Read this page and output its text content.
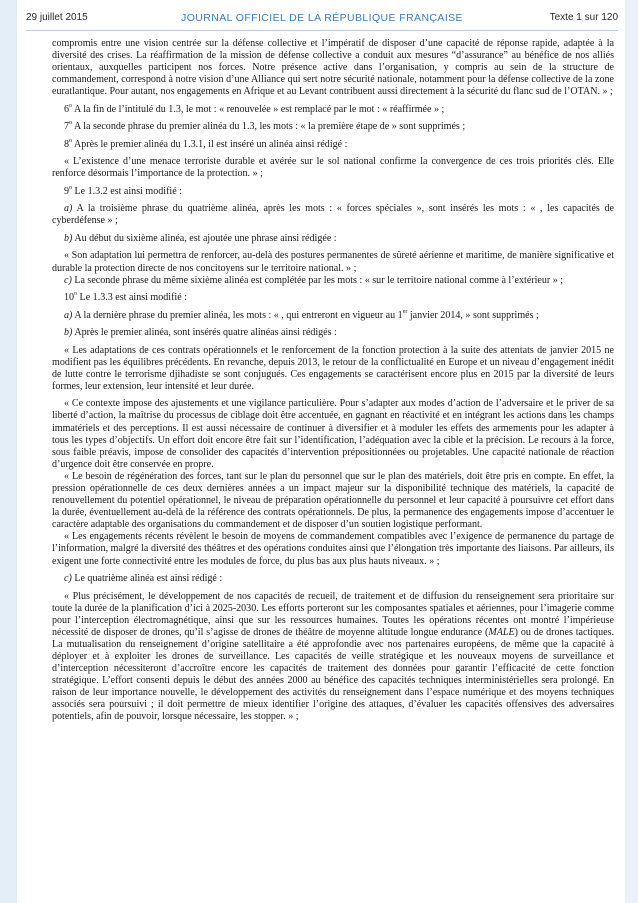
29 juillet 2015	JOURNAL OFFICIEL DE LA RÉPUBLIQUE FRANÇAISE	Texte 1 sur 120

compromis entre une vision centrée sur la défense collective et l’impératif de disposer d’une capacité de réponse rapide, adaptée à la diversité des crises. La réaffirmation de la mission de défense collective a conduit aux mesures “d’assurance” au bénéfice de nos alliés orientaux, auxquelles participent nos forces. Notre présence active dans l’organisation, y compris au sein de la structure de commandement, correspond à notre vision d’une Alliance qui sert notre sécurité nationale, notamment pour la défense collective de la zone euratlantique. Pour autant, nos engagements en Afrique et au Levant contribuent aussi directement à la sécurité du flanc sud de l’OTAN. » ;

6$^o$ A la fin de l’intitulé du 1.3, le mot : « renouvelée » est remplacé par le mot : « réaffirmée » ;

7$^o$ A la seconde phrase du premier alinéa du 1.3, les mots : « la première étape de » sont supprimés ;

8$^o$ Après le premier alinéa du 1.3.1, il est inséré un alinéa ainsi rédigé :

« L’existence d’une menace terroriste durable et avérée sur le sol national confirme la convergence de ces trois priorités clés. Elle renforce désormais l’importance de la protection. » ;

9$^o$ Le 1.3.2 est ainsi modifié :

a) A la troisième phrase du quatrième alinéa, après les mots : « forces spéciales », sont insérés les mots : « , les capacités de cyberdéfense » ;

b) Au début du sixième alinéa, est ajoutée une phrase ainsi rédigée :

« Son adaptation lui permettra de renforcer, au-delà des postures permanentes de sûreté aérienne et maritime, de manière significative et durable la protection directe de nos concitoyens sur le territoire national. » ;

c) La seconde phrase du même sixième alinéa est complétée par les mots : « sur le territoire national comme à l’extérieur » ;

10$^o$ Le 1.3.3 est ainsi modifié :

a) A la dernière phrase du premier alinéa, les mots : « , qui entreront en vigueur au 1er janvier 2014, » sont supprimés ;

b) Après le premier alinéa, sont insérés quatre alinéas ainsi rédigés :

« Les adaptations de ces contrats opérationnels et le renforcement de la fonction protection à la suite des attentats de janvier 2015 ne modifient pas les équilibres précédents. En revanche, depuis 2013, le retour de la conflictualité en Europe et un niveau d’engagement inédit de lutte contre le terrorisme djihadiste se sont conjugués. Ces engagements se caractérisent encore plus en 2015 par la diversité de leurs formes, leur extension, leur intensité et leur durée.

« Ce contexte impose des ajustements et une vigilance particulière. Pour s’adapter aux modes d’action de l’adversaire et le priver de sa liberté d’action, la maîtrise du processus de ciblage doit être accentuée, en gagnant en réactivité et en intégrant les actions dans les champs immatériels et des perceptions. Il est aussi nécessaire de continuer à diversifier et à moduler les effets des armements pour les adapter à tous les types d’objectifs. Un effort doit encore être fait sur l’identification, l’adéquation avec la cible et la précision. Le recours à la force, sous faible préavis, impose de consolider des capacités d’intervention prépositionnées ou projetables. Une capacité nationale de réaction d’urgence doit être conservée en propre.

« Le besoin de régénération des forces, tant sur le plan du personnel que sur le plan des matériels, doit être pris en compte. En effet, la pression opérationnelle de ces deux dernières années a un impact majeur sur la disponibilité technique des matériels, la capacité de renouvellement du potentiel opérationnel, le niveau de préparation opérationnelle du personnel et leur capacité à poursuivre cet effort dans la durée, éventuellement au-delà de la référence des contrats opérationnels. De plus, la permanence des engagements impose d’accentuer le caractère adaptable des organisations du commandement et de disposer d’un soutien logistique performant.

« Les engagements récents révèlent le besoin de moyens de commandement compatibles avec l’exigence de permanence du partage de l’information, malgré la diversité des théâtres et des opérations conduites ainsi que l’élongation très importante des liaisons. Par ailleurs, ils exigent une forte connectivité entre les modules de force, du plus bas aux plus hauts niveaux. » ;

c) Le quatrième alinéa est ainsi rédigé :

« Plus précisément, le développement de nos capacités de recueil, de traitement et de diffusion du renseignement sera prioritaire sur toute la durée de la planification d’ici à 2025-2030. Les efforts porteront sur les composantes spatiales et aériennes, pour l’imagerie comme pour l’interception électromagnétique, ainsi que sur les ressources humaines. Toutes les opérations récentes ont montré l’impérieuse nécessité de disposer de drones, qu’il s’agisse de drones de théâtre de moyenne altitude longue endurance (MALE) ou de drones tactiques. La mutualisation du renseignement d’origine satellitaire a été approfondie avec nos partenaires européens, de même que la capacité à déployer et à exploiter les drones de surveillance. Les capacités de veille stratégique et les nouveaux moyens de surveillance et d’interception nécessiteront d’accroître encore les capacités de traitement des données pour garantir l’efficacité de cette fonction stratégique. L’effort consenti depuis le début des années 2000 au bénéfice des capacités techniques interministérielles sera prolongé. En raison de leur importance nouvelle, le développement des activités du renseignement dans l’espace numérique et des moyens techniques associés sera poursuivi ; il doit permettre de mieux identifier l’origine des attaques, d’évaluer les capacités offensives des adversaires potentiels, afin de pouvoir, lorsque nécessaire, les stopper. » ;
